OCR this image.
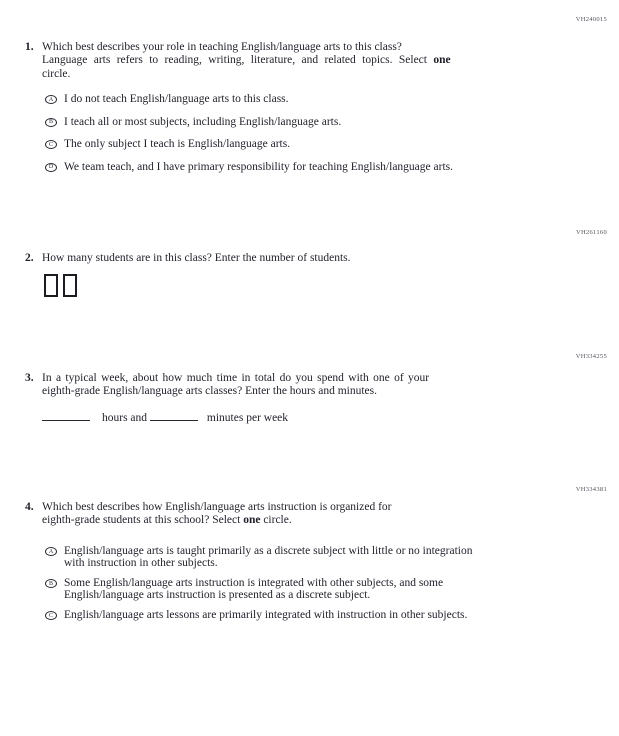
VH240015
1. Which best describes your role in teaching English/language arts to this class?
Language arts refers to reading, writing, literature, and related topics. Select one
circle.
A I do not teach English/language arts to this class.
B I teach all or most subjects, including English/language arts.
C The only subject I teach is English/language arts.
D We team teach, and I have primary responsibility for teaching English/language arts.
VH261160
2. How many students are in this class? Enter the number of students.
VH334255
3. In a typical week, about how much time in total do you spend with one of your
eighth-grade English/language arts classes? Enter the hours and minutes.
hours and	minutes per week
VH334381
4. Which best describes how English/language arts instruction is organized for
eighth-grade students at this school? Select one circle.
A English/language arts is taught primarily as a discrete subject with little or no integration
with instruction in other subjects.
B Some English/language arts instruction is integrated with other subjects, and some
English/language arts instruction is presented as a discrete subject.
C English/language arts lessons are primarily integrated with instruction in other subjects.
